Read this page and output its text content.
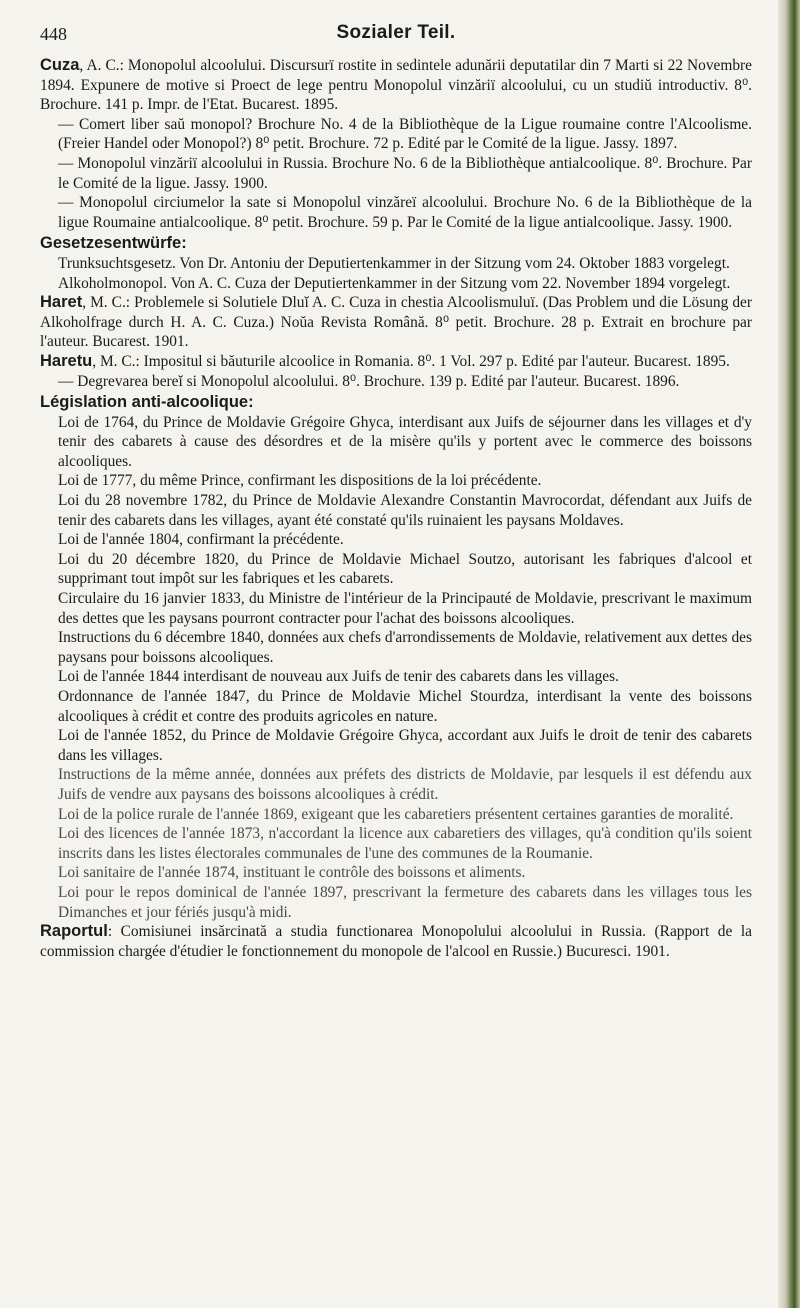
448	Sozialer Teil.

Cuza, A. C.: Monopolul alcoolului. Discursurï rostite in sedintele adunării deputatilar din 7 Marti si 22 Novembre 1894. Expunere de motive si Proect de lege pentru Monopolul vinzăriï alcoolului, cu un studiŭ introductiv. 8⁰. Brochure. 141 p. Impr. de l'Etat. Bucarest. 1895.

— Comert liber saŭ monopol? Brochure No. 4 de la Bibliothèque de la Ligue roumaine contre l'Alcoolisme. (Freier Handel oder Monopol?) 8⁰ petit. Brochure. 72 p. Edité par le Comité de la ligue. Jassy. 1897.

— Monopolul vinzăriï alcoolului in Russia. Brochure No. 6 de la Bibliothèque antialcoolique. 8⁰. Brochure. Par le Comité de la ligue. Jassy. 1900.

— Monopolul circiumelor la sate si Monopolul vinzăreï alcoolului. Brochure No. 6 de la Bibliothèque de la ligue Roumaine antialcoolique. 8⁰ petit. Brochure. 59 p. Par le Comité de la ligue antialcoolique. Jassy. 1900.

Gesetzesentwürfe:

Trunksuchtsgesetz. Von Dr. Antoniu der Deputiertenkammer in der Sitzung vom 24. Oktober 1883 vorgelegt.

Alkoholmonopol. Von A. C. Cuza der Deputiertenkammer in der Sitzung vom 22. November 1894 vorgelegt.

Haret, M. C.: Problemele si Solutiele Dluĭ A. C. Cuza in chestia Alcoolismuluï. (Das Problem und die Lösung der Alkoholfrage durch H. A. C. Cuza.) Noŭa Revista Română. 8⁰ petit. Brochure. 28 p. Extrait en brochure par l'auteur. Bucarest. 1901.

Haretu, M. C.: Impositul si băuturile alcoolice in Romania. 8⁰. 1 Vol. 297 p. Edité par l'auteur. Bucarest. 1895.

— Degrevarea bereĭ si Monopolul alcoolului. 8⁰. Brochure. 139 p. Edité par l'auteur. Bucarest. 1896.

Législation anti-alcoolique:

Loi de 1764, du Prince de Moldavie Grégoire Ghyca, interdisant aux Juifs de séjourner dans les villages et d'y tenir des cabarets à cause des désordres et de la misère qu'ils y portent avec le commerce des boissons alcooliques.

Loi de 1777, du même Prince, confirmant les dispositions de la loi précédente.

Loi du 28 novembre 1782, du Prince de Moldavie Alexandre Constantin Mavrocordat, défendant aux Juifs de tenir des cabarets dans les villages, ayant été constaté qu'ils ruinaient les paysans Moldaves.

Loi de l'année 1804, confirmant la précédente.

Loi du 20 décembre 1820, du Prince de Moldavie Michael Soutzo, autorisant les fabriques d'alcool et supprimant tout impôt sur les fabriques et les cabarets.

Circulaire du 16 janvier 1833, du Ministre de l'intérieur de la Principauté de Moldavie, prescrivant le maximum des dettes que les paysans pourront contracter pour l'achat des boissons alcooliques.

Instructions du 6 décembre 1840, données aux chefs d'arrondissements de Moldavie, relativement aux dettes des paysans pour boissons alcooliques.

Loi de l'année 1844 interdisant de nouveau aux Juifs de tenir des cabarets dans les villages.

Ordonnance de l'année 1847, du Prince de Moldavie Michel Stourdza, interdisant la vente des boissons alcooliques à crédit et contre des produits agricoles en nature.

Loi de l'année 1852, du Prince de Moldavie Grégoire Ghyca, accordant aux Juifs le droit de tenir des cabarets dans les villages.

Instructions de la même année, données aux préfets des districts de Moldavie, par lesquels il est défendu aux Juifs de vendre aux paysans des boissons alcooliques à crédit.

Loi de la police rurale de l'année 1869, exigeant que les cabaretiers présentent certaines garanties de moralité.

Loi des licences de l'année 1873, n'accordant la licence aux cabaretiers des villages, qu'à condition qu'ils soient inscrits dans les listes électorales communales de l'une des communes de la Roumanie.

Loi sanitaire de l'année 1874, instituant le contrôle des boissons et aliments.

Loi pour le repos dominical de l'année 1897, prescrivant la fermeture des cabarets dans les villages tous les Dimanches et jour fériés jusqu'à midi.

Raportul: Comisiunei insărcinată a studia functionarea Monopolului alcoolului in Russia. (Rapport de la commission chargée d'étudier le fonctionnement du monopole de l'alcool en Russie.) Bucuresci. 1901.
